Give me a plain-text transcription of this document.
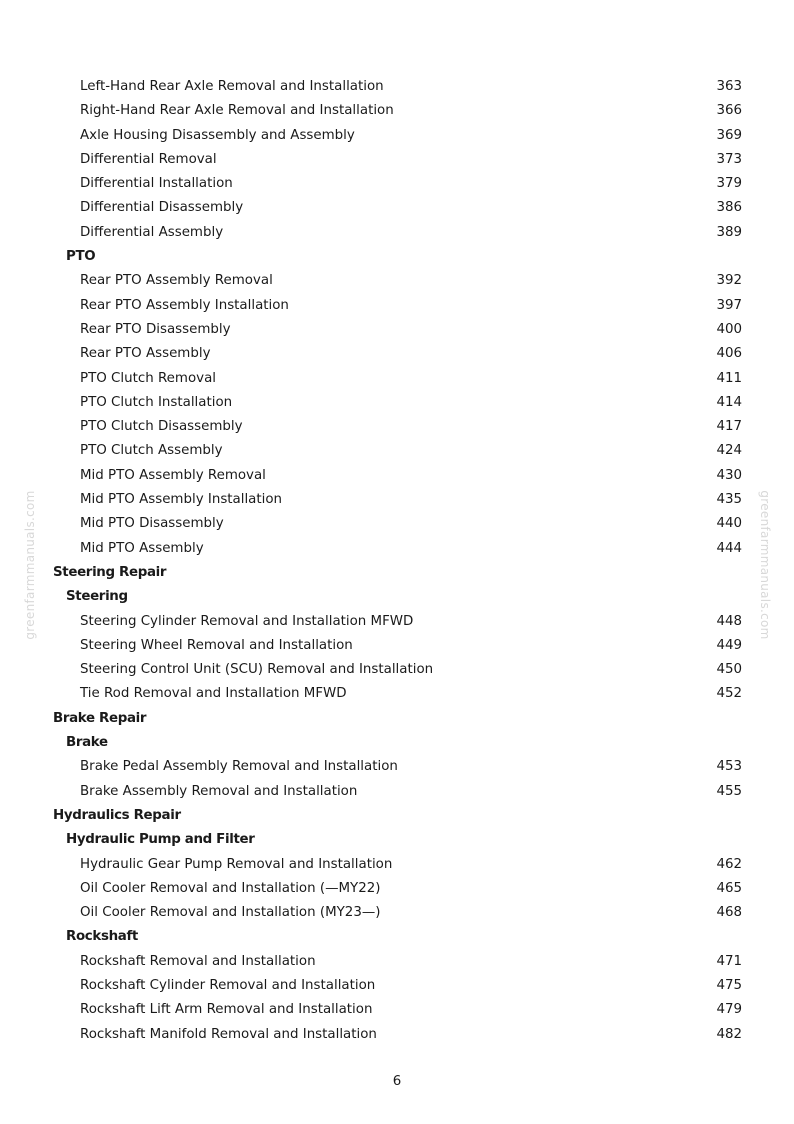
greenfarmmanuals.com	greenfarmmanuals.com
Left-Hand Rear Axle Removal and Installation	363
Right-Hand Rear Axle Removal and Installation	366
Axle Housing Disassembly and Assembly	369
Differential Removal	373
Differential Installation	379
Differential Disassembly	386
Differential Assembly	389
PTO
Rear PTO Assembly Removal	392
Rear PTO Assembly Installation	397
Rear PTO Disassembly	400
Rear PTO Assembly	406
PTO Clutch Removal	411
PTO Clutch Installation	414
PTO Clutch Disassembly	417
PTO Clutch Assembly	424
Mid PTO Assembly Removal	430
Mid PTO Assembly Installation	435
Mid PTO Disassembly	440
Mid PTO Assembly	444
Steering Repair
Steering
Steering Cylinder Removal and Installation MFWD	448
Steering Wheel Removal and Installation	449
Steering Control Unit (SCU) Removal and Installation	450
Tie Rod Removal and Installation MFWD	452
Brake Repair
Brake
Brake Pedal Assembly Removal and Installation	453
Brake Assembly Removal and Installation	455
Hydraulics Repair
Hydraulic Pump and Filter
Hydraulic Gear Pump Removal and Installation	462
Oil Cooler Removal and Installation (—MY22)	465
Oil Cooler Removal and Installation (MY23—)	468
Rockshaft
Rockshaft Removal and Installation	471
Rockshaft Cylinder Removal and Installation	475
Rockshaft Lift Arm Removal and Installation	479
Rockshaft Manifold Removal and Installation	482
6
